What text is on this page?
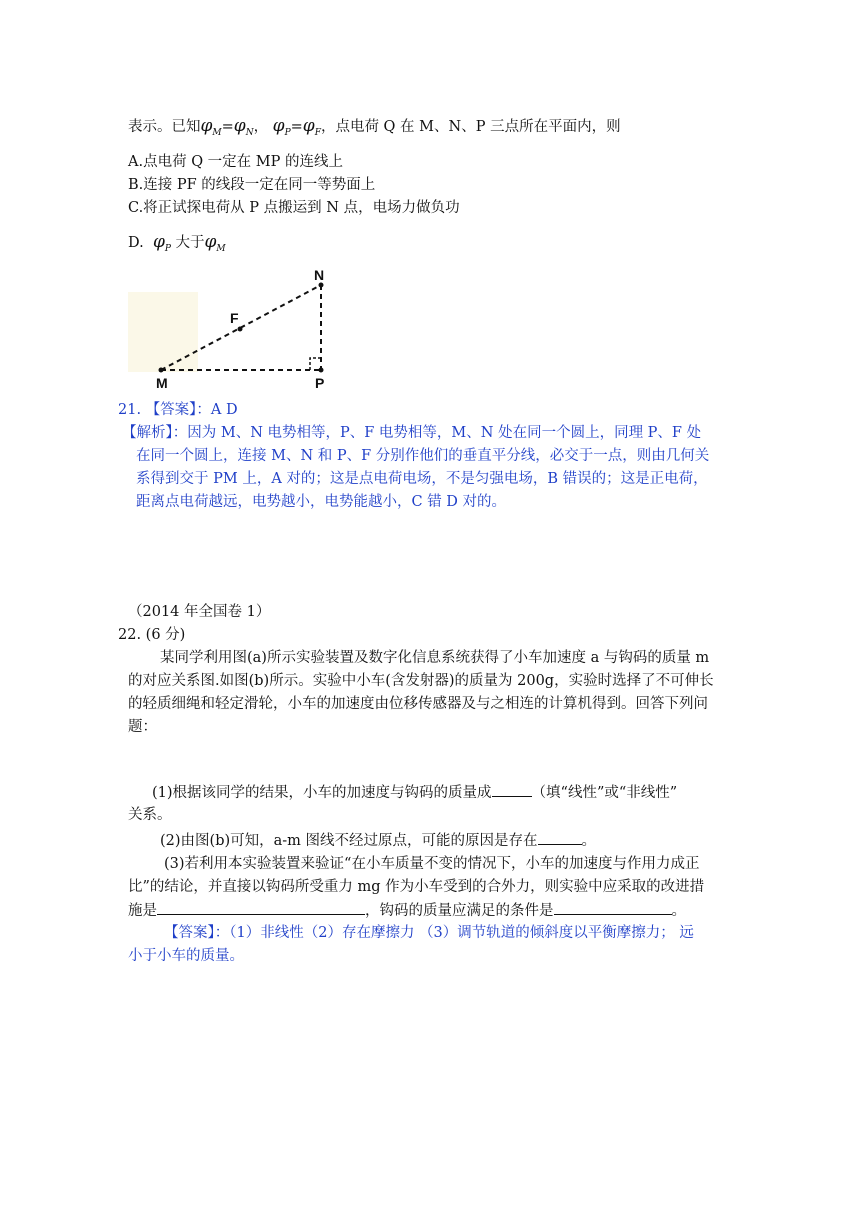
表示。已知$\varphi_M=\varphi_N$， $\varphi_P=\varphi_F$，点电荷 Q 在 M、N、P 三点所在平面内，则
A.点电荷 Q 一定在 MP 的连线上
B.连接 PF 的线段一定在同一等势面上
C.将正试探电荷从 P 点搬运到 N 点，电场力做负功
D. $\varphi_P$ 大于$\varphi_M$
N
F
M	P
21. 【答案】：A D
【解析】：因为 M、N 电势相等，P、F 电势相等，M、N 处在同一个圆上，同理 P、F 处
在同一个圆上，连接 M、N 和 P、F 分别作他们的垂直平分线，必交于一点，则由几何关
系得到交于 PM 上，A 对的；这是点电荷电场，不是匀强电场，B 错误的；这是正电荷，
距离点电荷越远，电势越小，电势能越小，C 错 D 对的。
（2014 年全国卷 1）
22. (6 分)
某同学利用图(a)所示实验装置及数字化信息系统获得了小车加速度 a 与钩码的质量 m
的对应关系图.如图(b)所示。实验中小车(含发射器)的质量为 200g，实验时选择了不可伸长
的轻质细绳和轻定滑轮，小车的加速度由位移传感器及与之相连的计算机得到。回答下列问
题：
(1)根据该同学的结果，小车的加速度与钩码的质量成	（填“线性”或“非线性”
关系。
(2)由图(b)可知，a-m 图线不经过原点，可能的原因是存在	。
(3)若利用本实验装置来验证“在小车质量不变的情况下，小车的加速度与作用力成正
比”的结论，并直接以钩码所受重力 mg 作为小车受到的合外力，则实验中应采取的改进措
施是	，钩码的质量应满足的条件是	。
【答案】：（1）非线性（2）存在摩擦力 （3）调节轨道的倾斜度以平衡摩擦力； 远
小于小车的质量。
